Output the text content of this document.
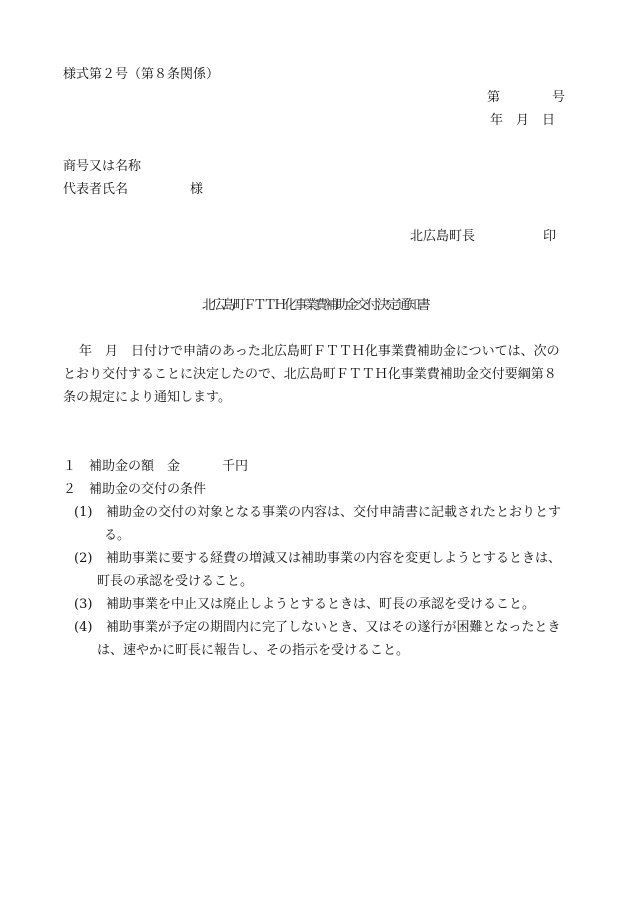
様式第２号（第８条関係）
第　　　　号
年　月　日
商号又は名称
代表者氏名	様
北広島町長	印
北広島町ＦＴＴＨ化事業費補助金交付決定通知書
年　月　日付けで申請のあった北広島町ＦＴＴＨ化事業費補助金については、次の
とおり交付することに決定したので、北広島町ＦＴＴＨ化事業費補助金交付要綱第８
条の規定により通知します。
１ 補助金の額　金	千円
２ 補助金の交付の条件
(1) 補助金の交付の対象となる事業の内容は、交付申請書に記載されたとおりとす
る。
(2) 補助事業に要する経費の増減又は補助事業の内容を変更しようとするときは、
町長の承認を受けること。
(3) 補助事業を中止又は廃止しようとするときは、町長の承認を受けること。
(4) 補助事業が予定の期間内に完了しないとき、又はその遂行が困難となったとき
は、速やかに町長に報告し、その指示を受けること。
